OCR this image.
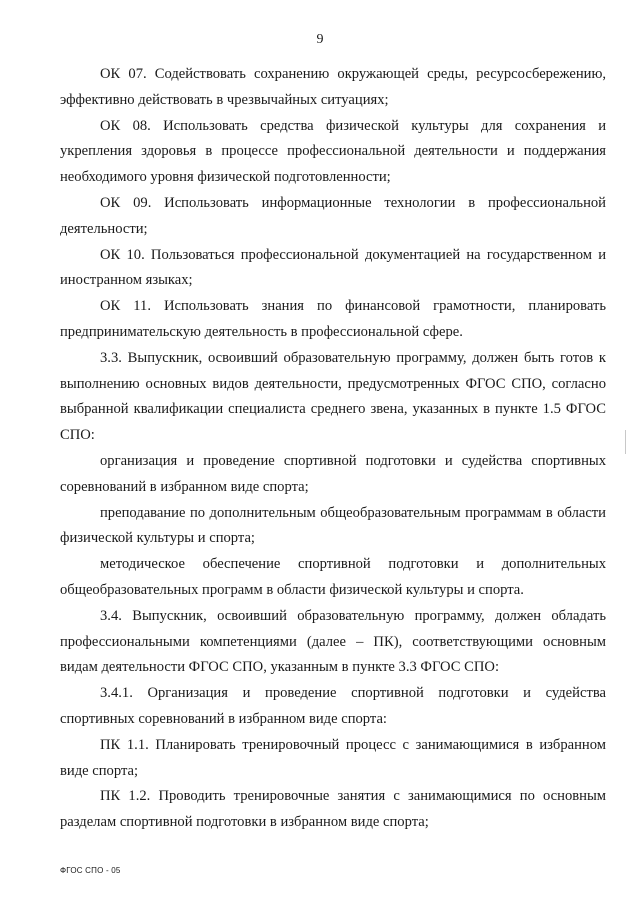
9

ОК 07. Содействовать сохранению окружающей среды, ресурсосбережению, эффективно действовать в чрезвычайных ситуациях;

ОК 08. Использовать средства физической культуры для сохранения и укрепления здоровья в процессе профессиональной деятельности и поддержания необходимого уровня физической подготовленности;

ОК 09. Использовать информационные технологии в профессиональной деятельности;

ОК 10. Пользоваться профессиональной документацией на государственном и иностранном языках;

ОК 11. Использовать знания по финансовой грамотности, планировать предпринимательскую деятельность в профессиональной сфере.

3.3. Выпускник, освоивший образовательную программу, должен быть готов к выполнению основных видов деятельности, предусмотренных ФГОС СПО, согласно выбранной квалификации специалиста среднего звена, указанных в пункте 1.5 ФГОС СПО:

организация и проведение спортивной подготовки и судейства спортивных соревнований в избранном виде спорта;

преподавание по дополнительным общеобразовательным программам в области физической культуры и спорта;

методическое обеспечение спортивной подготовки и дополнительных общеобразовательных программ в области физической культуры и спорта.

3.4. Выпускник, освоивший образовательную программу, должен обладать профессиональными компетенциями (далее – ПК), соответствующими основным видам деятельности ФГОС СПО, указанным в пункте 3.3 ФГОС СПО:

3.4.1. Организация и проведение спортивной подготовки и судейства спортивных соревнований в избранном виде спорта:

ПК 1.1. Планировать тренировочный процесс с занимающимися в избранном виде спорта;

ПК 1.2. Проводить тренировочные занятия с занимающимися по основным разделам спортивной подготовки в избранном виде спорта;

ФГОС СПО - 05
